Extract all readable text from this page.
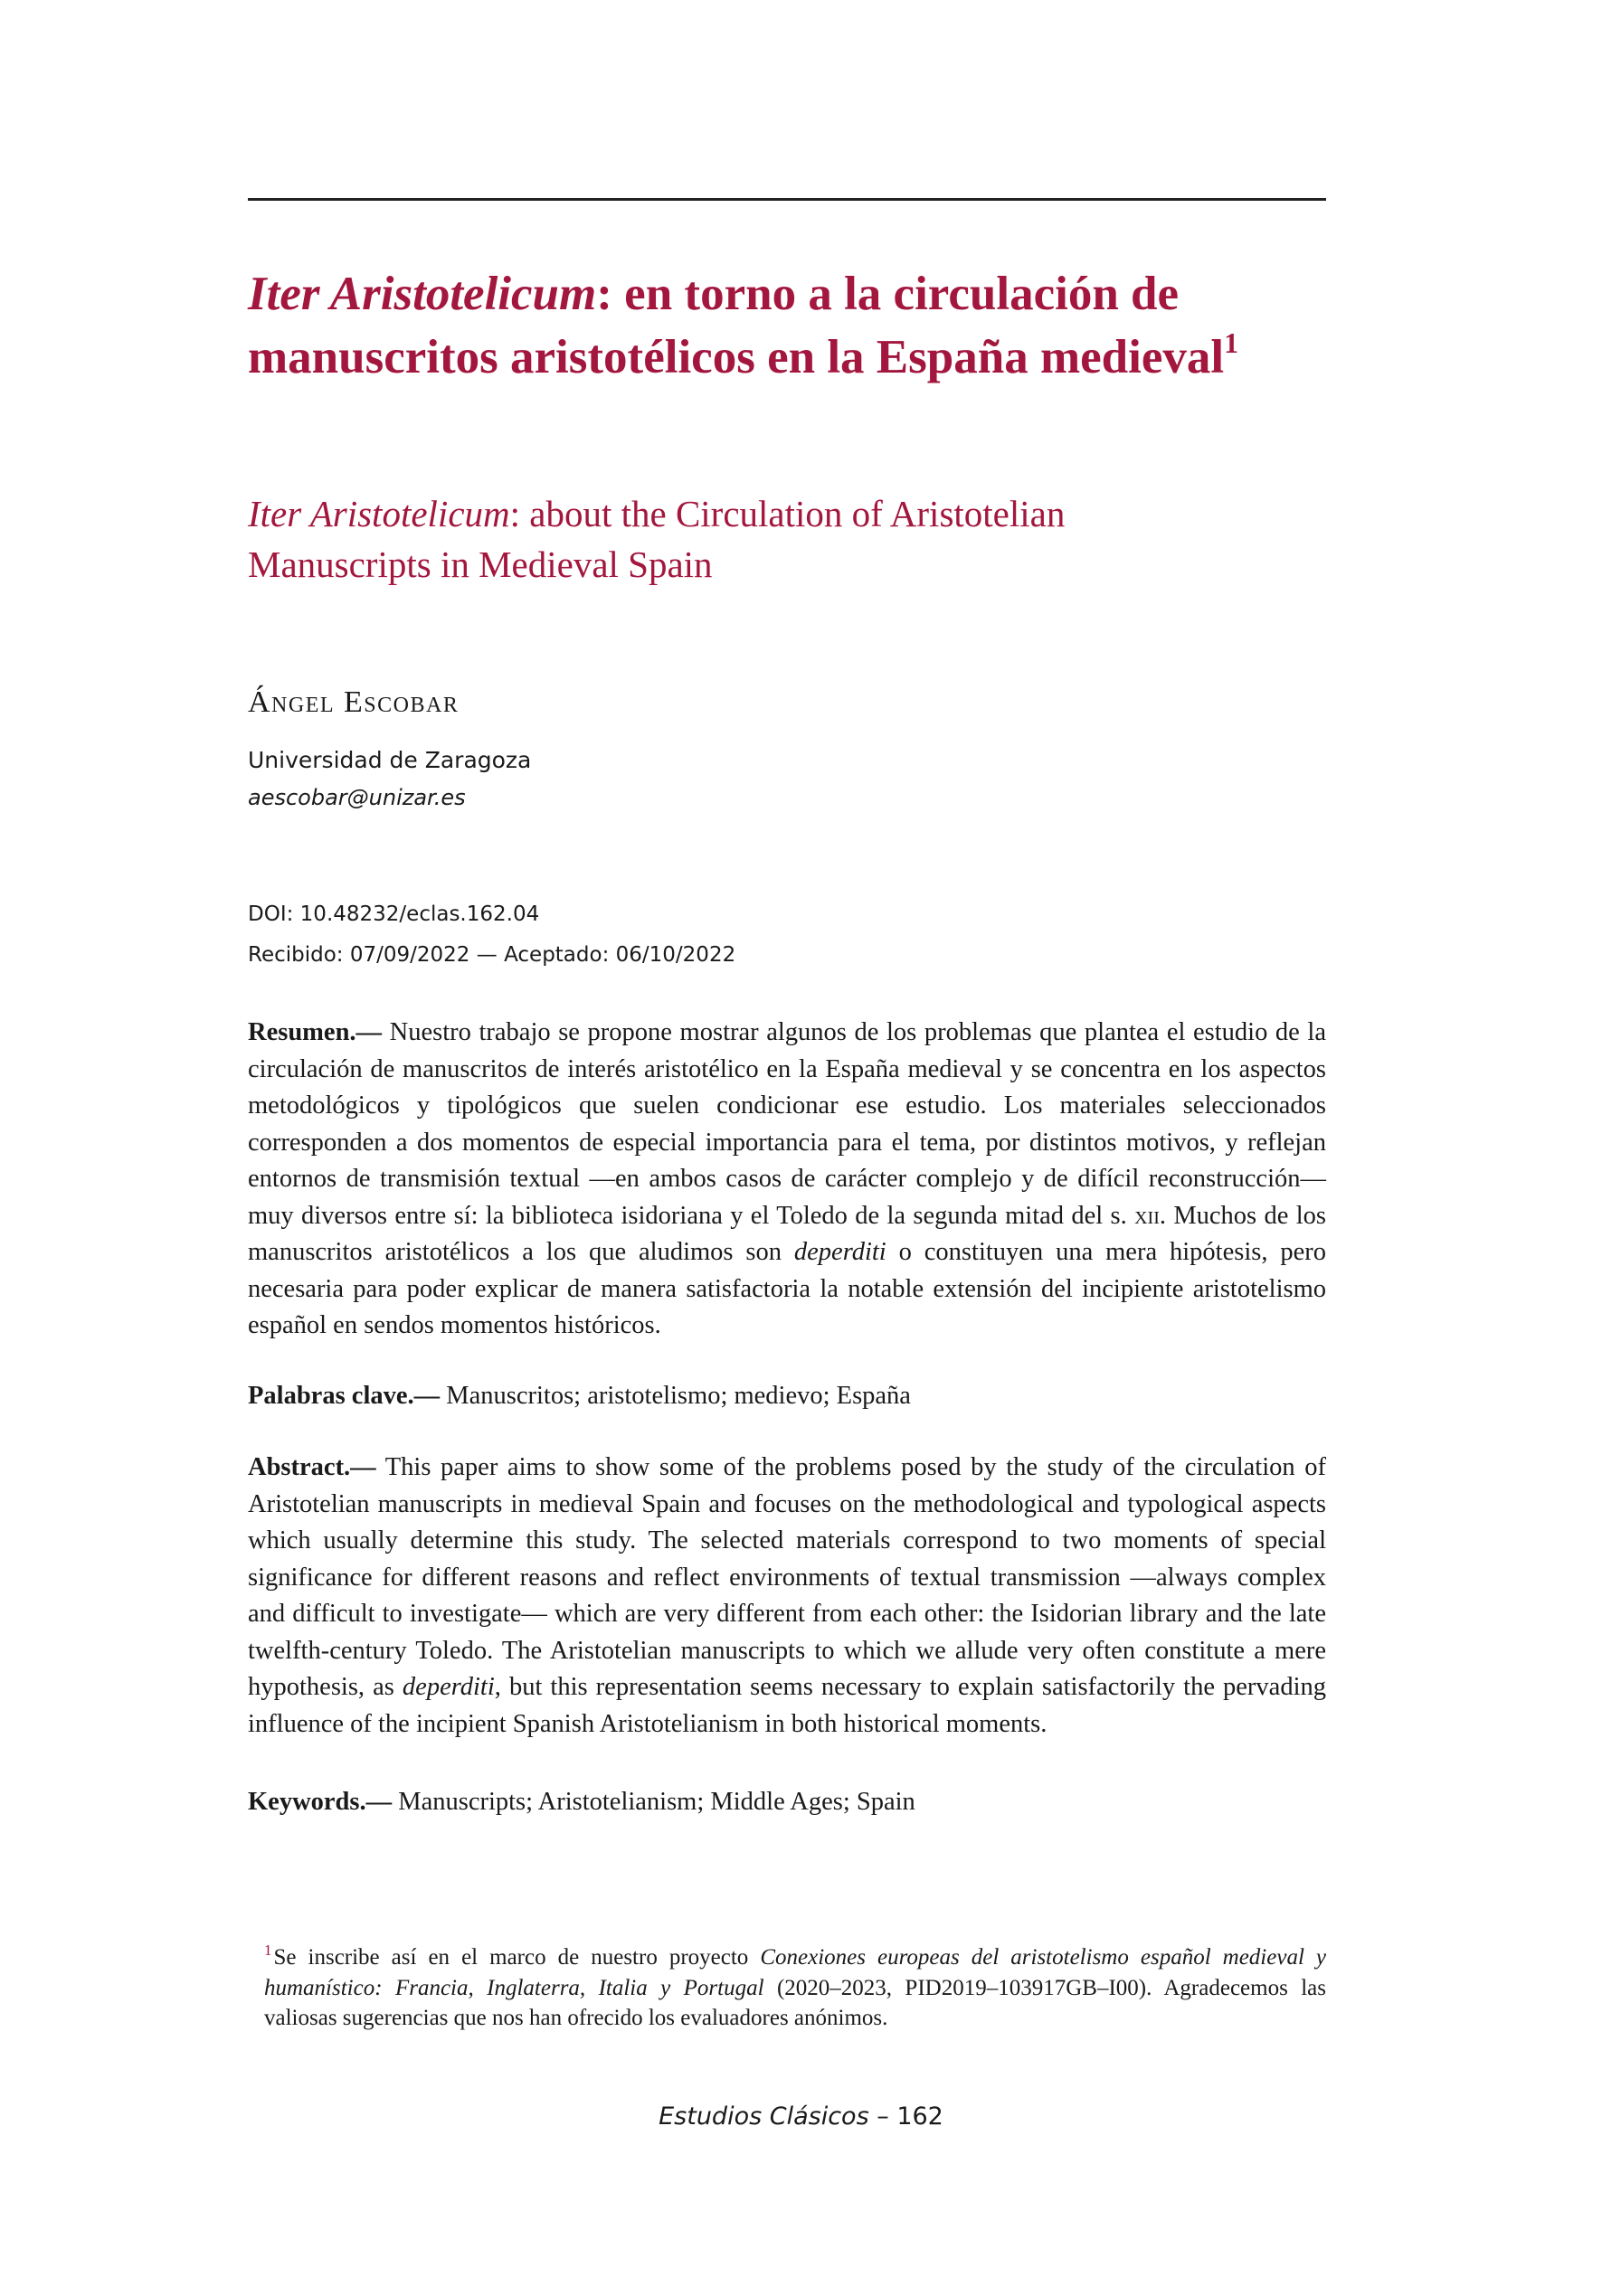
Iter Aristotelicum: en torno a la circulación de manuscritos aristotélicos en la España medieval$^1$
Iter Aristotelicum: about the Circulation of Aristotelian Manuscripts in Medieval Spain
Ángel Escobar
Universidad de Zaragoza
aescobar@unizar.es
DOI: 10.48232/eclas.162.04
Recibido: 07/09/2022 — Aceptado: 06/10/2022

Resumen.— Nuestro trabajo se propone mostrar algunos de los problemas que plantea el estudio de la circulación de manuscritos de interés aristotélico en la España medieval y se concentra en los aspectos metodológicos y tipológicos que suelen condicionar ese estudio. Los materiales seleccionados corresponden a dos momentos de especial importancia para el tema, por distintos motivos, y reflejan entornos de transmisión textual —en ambos casos de carácter complejo y de difícil reconstrucción— muy diversos entre sí: la biblioteca isidoriana y el Toledo de la segunda mitad del s. xii. Muchos de los manuscritos aristotélicos a los que aludimos son deperditi o constituyen una mera hipótesis, pero necesaria para poder explicar de manera satisfactoria la notable extensión del incipiente aristotelismo español en sendos momentos históricos.

Palabras clave.— Manuscritos; aristotelismo; medievo; España

Abstract.— This paper aims to show some of the problems posed by the study of the circulation of Aristotelian manuscripts in medieval Spain and focuses on the methodological and typological aspects which usually determine this study. The selected materials correspond to two moments of special significance for different reasons and reflect environments of textual transmission —always complex and difficult to investigate— which are very different from each other: the Isidorian library and the late twelfth-century Toledo. The Aristotelian manuscripts to which we allude very often constitute a mere hypothesis, as deperditi, but this representation seems necessary to explain satisfactorily the pervading influence of the incipient Spanish Aristotelianism in both historical moments.

Keywords.— Manuscripts; Aristotelianism; Middle Ages; Spain

$^1$Se inscribe así en el marco de nuestro proyecto Conexiones europeas del aristotelismo español medieval y humanístico: Francia, Inglaterra, Italia y Portugal (2020–2023, PID2019–103917GB–I00). Agradecemos las valiosas sugerencias que nos han ofrecido los evaluadores anónimos.

Estudios Clásicos – 162
